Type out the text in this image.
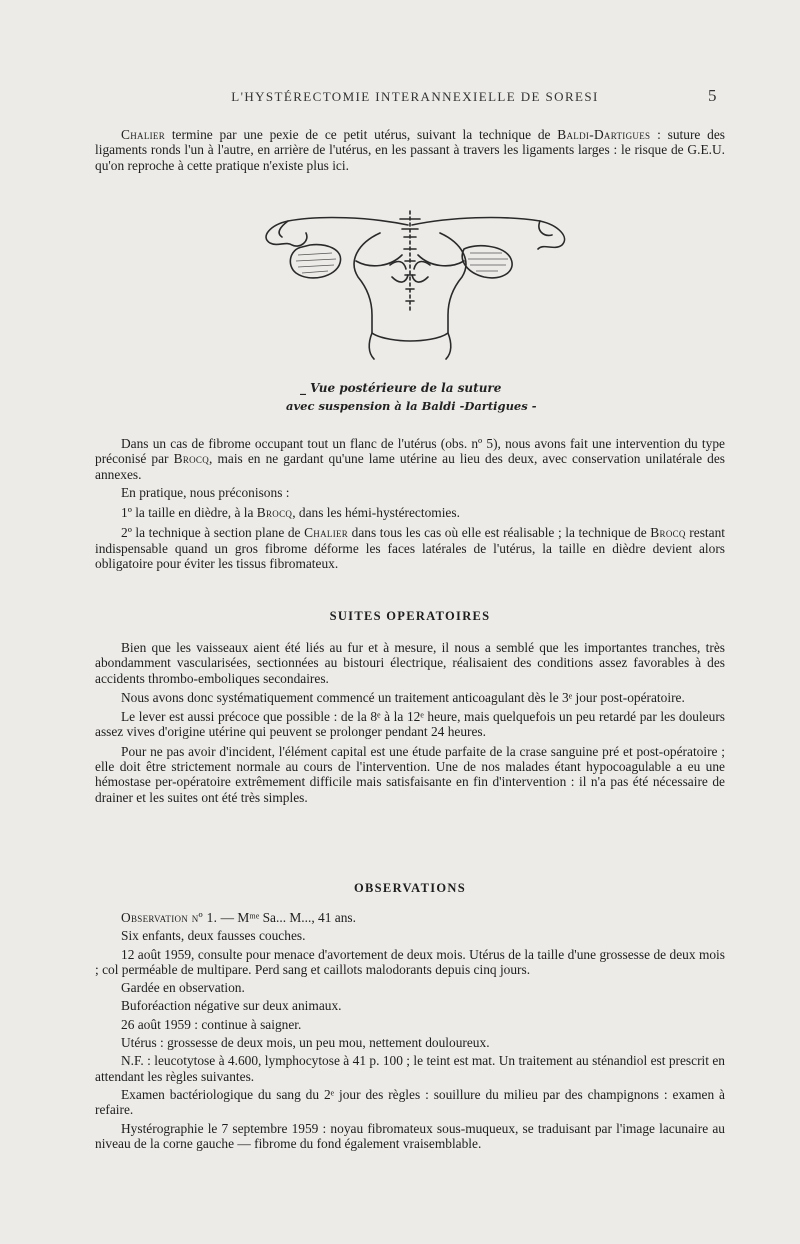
L'HYSTÉRECTOMIE INTERANNEXIELLE DE SORESI	5

Chalier termine par une pexie de ce petit utérus, suivant la technique de Baldi-Dartigues : suture des ligaments ronds l'un à l'autre, en arrière de l'utérus, en les passant à travers les ligaments larges : le risque de G.E.U. qu'on reproche à cette pratique n'existe plus ici.

_ Vue postérieure de la suture
avec suspension à la Baldi -Dartigues -

Dans un cas de fibrome occupant tout un flanc de l'utérus (obs. nº 5), nous avons fait une intervention du type préconisé par Brocq, mais en ne gardant qu'une lame utérine au lieu des deux, avec conservation unilatérale des annexes.

En pratique, nous préconisons :

1º la taille en dièdre, à la Brocq, dans les hémi-hystérectomies.

2º la technique à section plane de Chalier dans tous les cas où elle est réalisable ; la technique de Brocq restant indispensable quand un gros fibrome déforme les faces latérales de l'utérus, la taille en dièdre devient alors obligatoire pour éviter les tissus fibromateux.

SUITES OPERATOIRES

Bien que les vaisseaux aient été liés au fur et à mesure, il nous a semblé que les importantes tranches, très abondamment vascularisées, sectionnées au bistouri électrique, réalisaient des conditions assez favorables à des accidents thrombo-emboliques secondaires.

Nous avons donc systématiquement commencé un traitement anticoagulant dès le 3ᵉ jour post-opératoire.

Le lever est aussi précoce que possible : de la 8ᵉ à la 12ᵉ heure, mais quelquefois un peu retardé par les douleurs assez vives d'origine utérine qui peuvent se prolonger pendant 24 heures.

Pour ne pas avoir d'incident, l'élément capital est une étude parfaite de la crase sanguine pré et post-opératoire ; elle doit être strictement normale au cours de l'intervention. Une de nos malades étant hypocoagulable a eu une hémostase per-opératoire extrêmement difficile mais satisfaisante en fin d'intervention : il n'a pas été nécessaire de drainer et les suites ont été très simples.

OBSERVATIONS

Observation nº 1. — Mᵐᵉ Sa... M..., 41 ans.

Six enfants, deux fausses couches.

12 août 1959, consulte pour menace d'avortement de deux mois. Utérus de la taille d'une grossesse de deux mois ; col perméable de multipare. Perd sang et caillots malodorants depuis cinq jours.

Gardée en observation.

Buforéaction négative sur deux animaux.

26 août 1959 : continue à saigner.

Utérus : grossesse de deux mois, un peu mou, nettement douloureux.

N.F. : leucotytose à 4.600, lymphocytose à 41 p. 100 ; le teint est mat. Un traitement au sténandiol est prescrit en attendant les règles suivantes.

Examen bactériologique du sang du 2ᵉ jour des règles : souillure du milieu par des champignons : examen à refaire.

Hystérographie le 7 septembre 1959 : noyau fibromateux sous-muqueux, se traduisant par l'image lacunaire au niveau de la corne gauche — fibrome du fond également vraisemblable.
